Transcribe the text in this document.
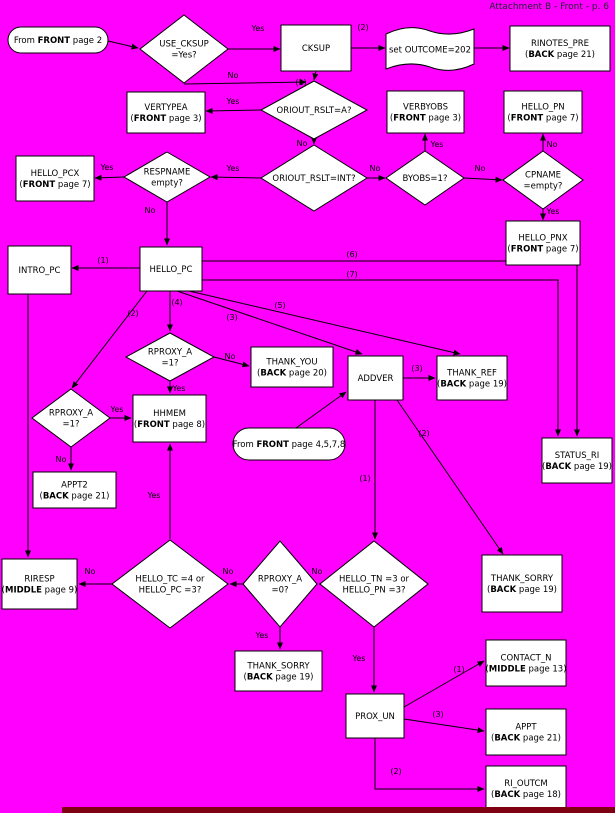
Attachment B - Front - p. 6
Yes	(2)
No
(1)
Yes
No
Yes
Yes
No
No
Yes
No
No
Yes
(1)
(6)
(7)
(2)
(4)
(3)
(5)
No
Yes
Yes
No
Yes
(3)
(1)
(2)
No
No
No
Yes
Yes
(1)
(3)
(2)
From FRONT page 2	USE_CKSUP =Yes?
CKSUP	set OUTCOME=202
RINOTES_PRE (BACK page 21)
VERTYPEA (FRONT page 3)
ORIOUT_RSLT=A?	VERBYOBS (FRONT page 3)
HELLO_PN (FRONT page 7)
HELLO_PCX (FRONT page 7)
RESPNAME empty?	ORIOUT_RSLT=INT?	BYOBS=1?	CPNAME =empty?
HELLO_PNX (FRONT page 7)
INTRO_PC	HELLO_PC
RPROXY_A =1?	THANK_YOU (BACK page 20)
ADDVER
THANK_REF (BACK page 19)
RPROXY_A =1?
HHMEM (FRONT page 8)
From FRONT page 4,5,7,8
APPT2 (BACK page 21)
STATUS_RI (BACK page 19)
RIRESP (MIDDLE page 9)
HELLO_TC =4 or HELLO_PC =3?
RPROXY_A =0?
HELLO_TN =3 or HELLO_PN =3?
THANK_SORRY (BACK page 19)
THANK_SORRY (BACK page 19)
CONTACT_N (MIDDLE page 13)
PROX_UN
APPT (BACK page 21)
RI_OUTCM (BACK page 18)
